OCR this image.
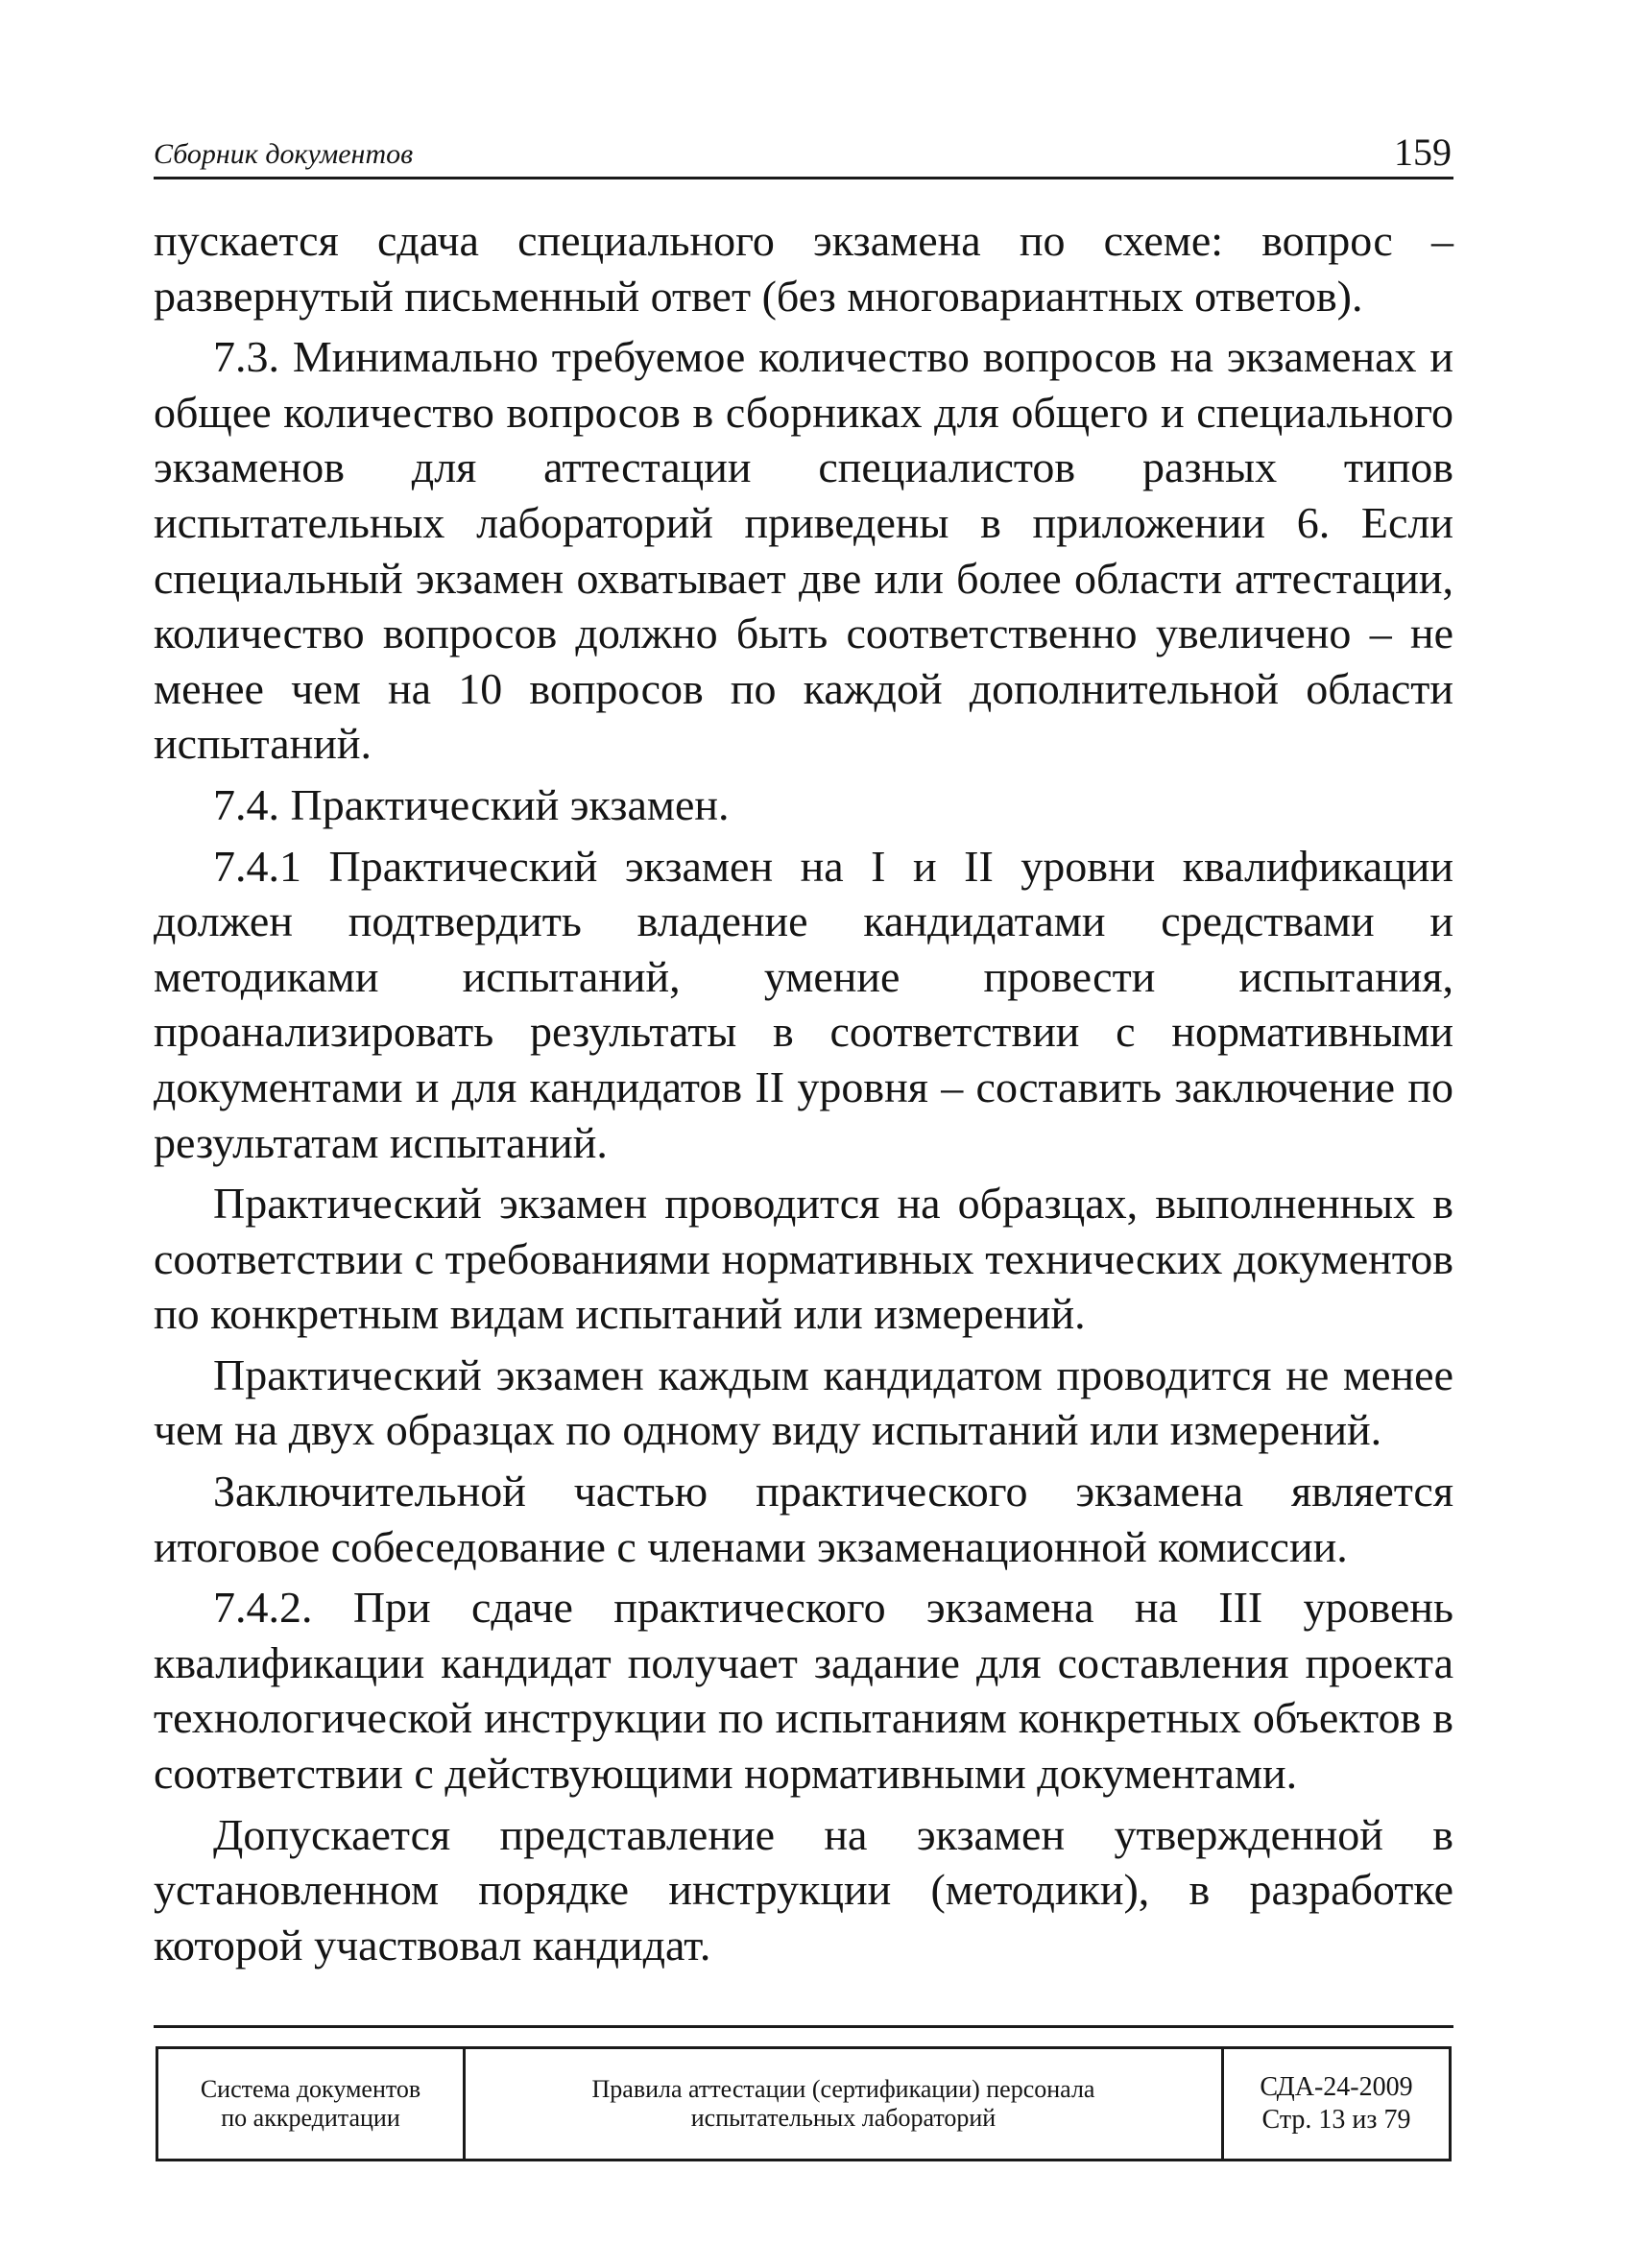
Сборник документов	159

пускается сдача специального экзамена по схеме: вопрос – развернутый письменный ответ (без многовариантных ответов).

7.3. Минимально требуемое количество вопросов на экзаменах и общее количество вопросов в сборниках для общего и специального экзаменов для аттестации специалистов разных типов испытательных лабораторий приведены в приложении 6. Если специальный экзамен охватывает две или более области аттестации, количество вопросов должно быть соответственно увеличено – не менее чем на 10 вопросов по каждой дополнительной области испытаний.

7.4. Практический экзамен.

7.4.1 Практический экзамен на I и II уровни квалификации должен подтвердить владение кандидатами средствами и методиками испытаний, умение провести испытания, проанализировать результаты в соответствии с нормативными документами и для кандидатов II уровня – составить заключение по результатам испытаний.

Практический экзамен проводится на образцах, выполненных в соответствии с требованиями нормативных технических документов по конкретным видам испытаний или измерений.

Практический экзамен каждым кандидатом проводится не менее чем на двух образцах по одному виду испытаний или измерений.

Заключительной частью практического экзамена является итоговое собеседование с членами экзаменационной комиссии.

7.4.2. При сдаче практического экзамена на III уровень квалификации кандидат получает задание для составления проекта технологической инструкции по испытаниям конкретных объектов в соответствии с действующими нормативными документами.

Допускается представление на экзамен утвержденной в установленном порядке инструкции (методики), в разработке которой участвовал кандидат.

Система документов
по аккредитации
Правила аттестации (сертификации) персонала
испытательных лабораторий
СДА-24-2009
Стр. 13 из 79
